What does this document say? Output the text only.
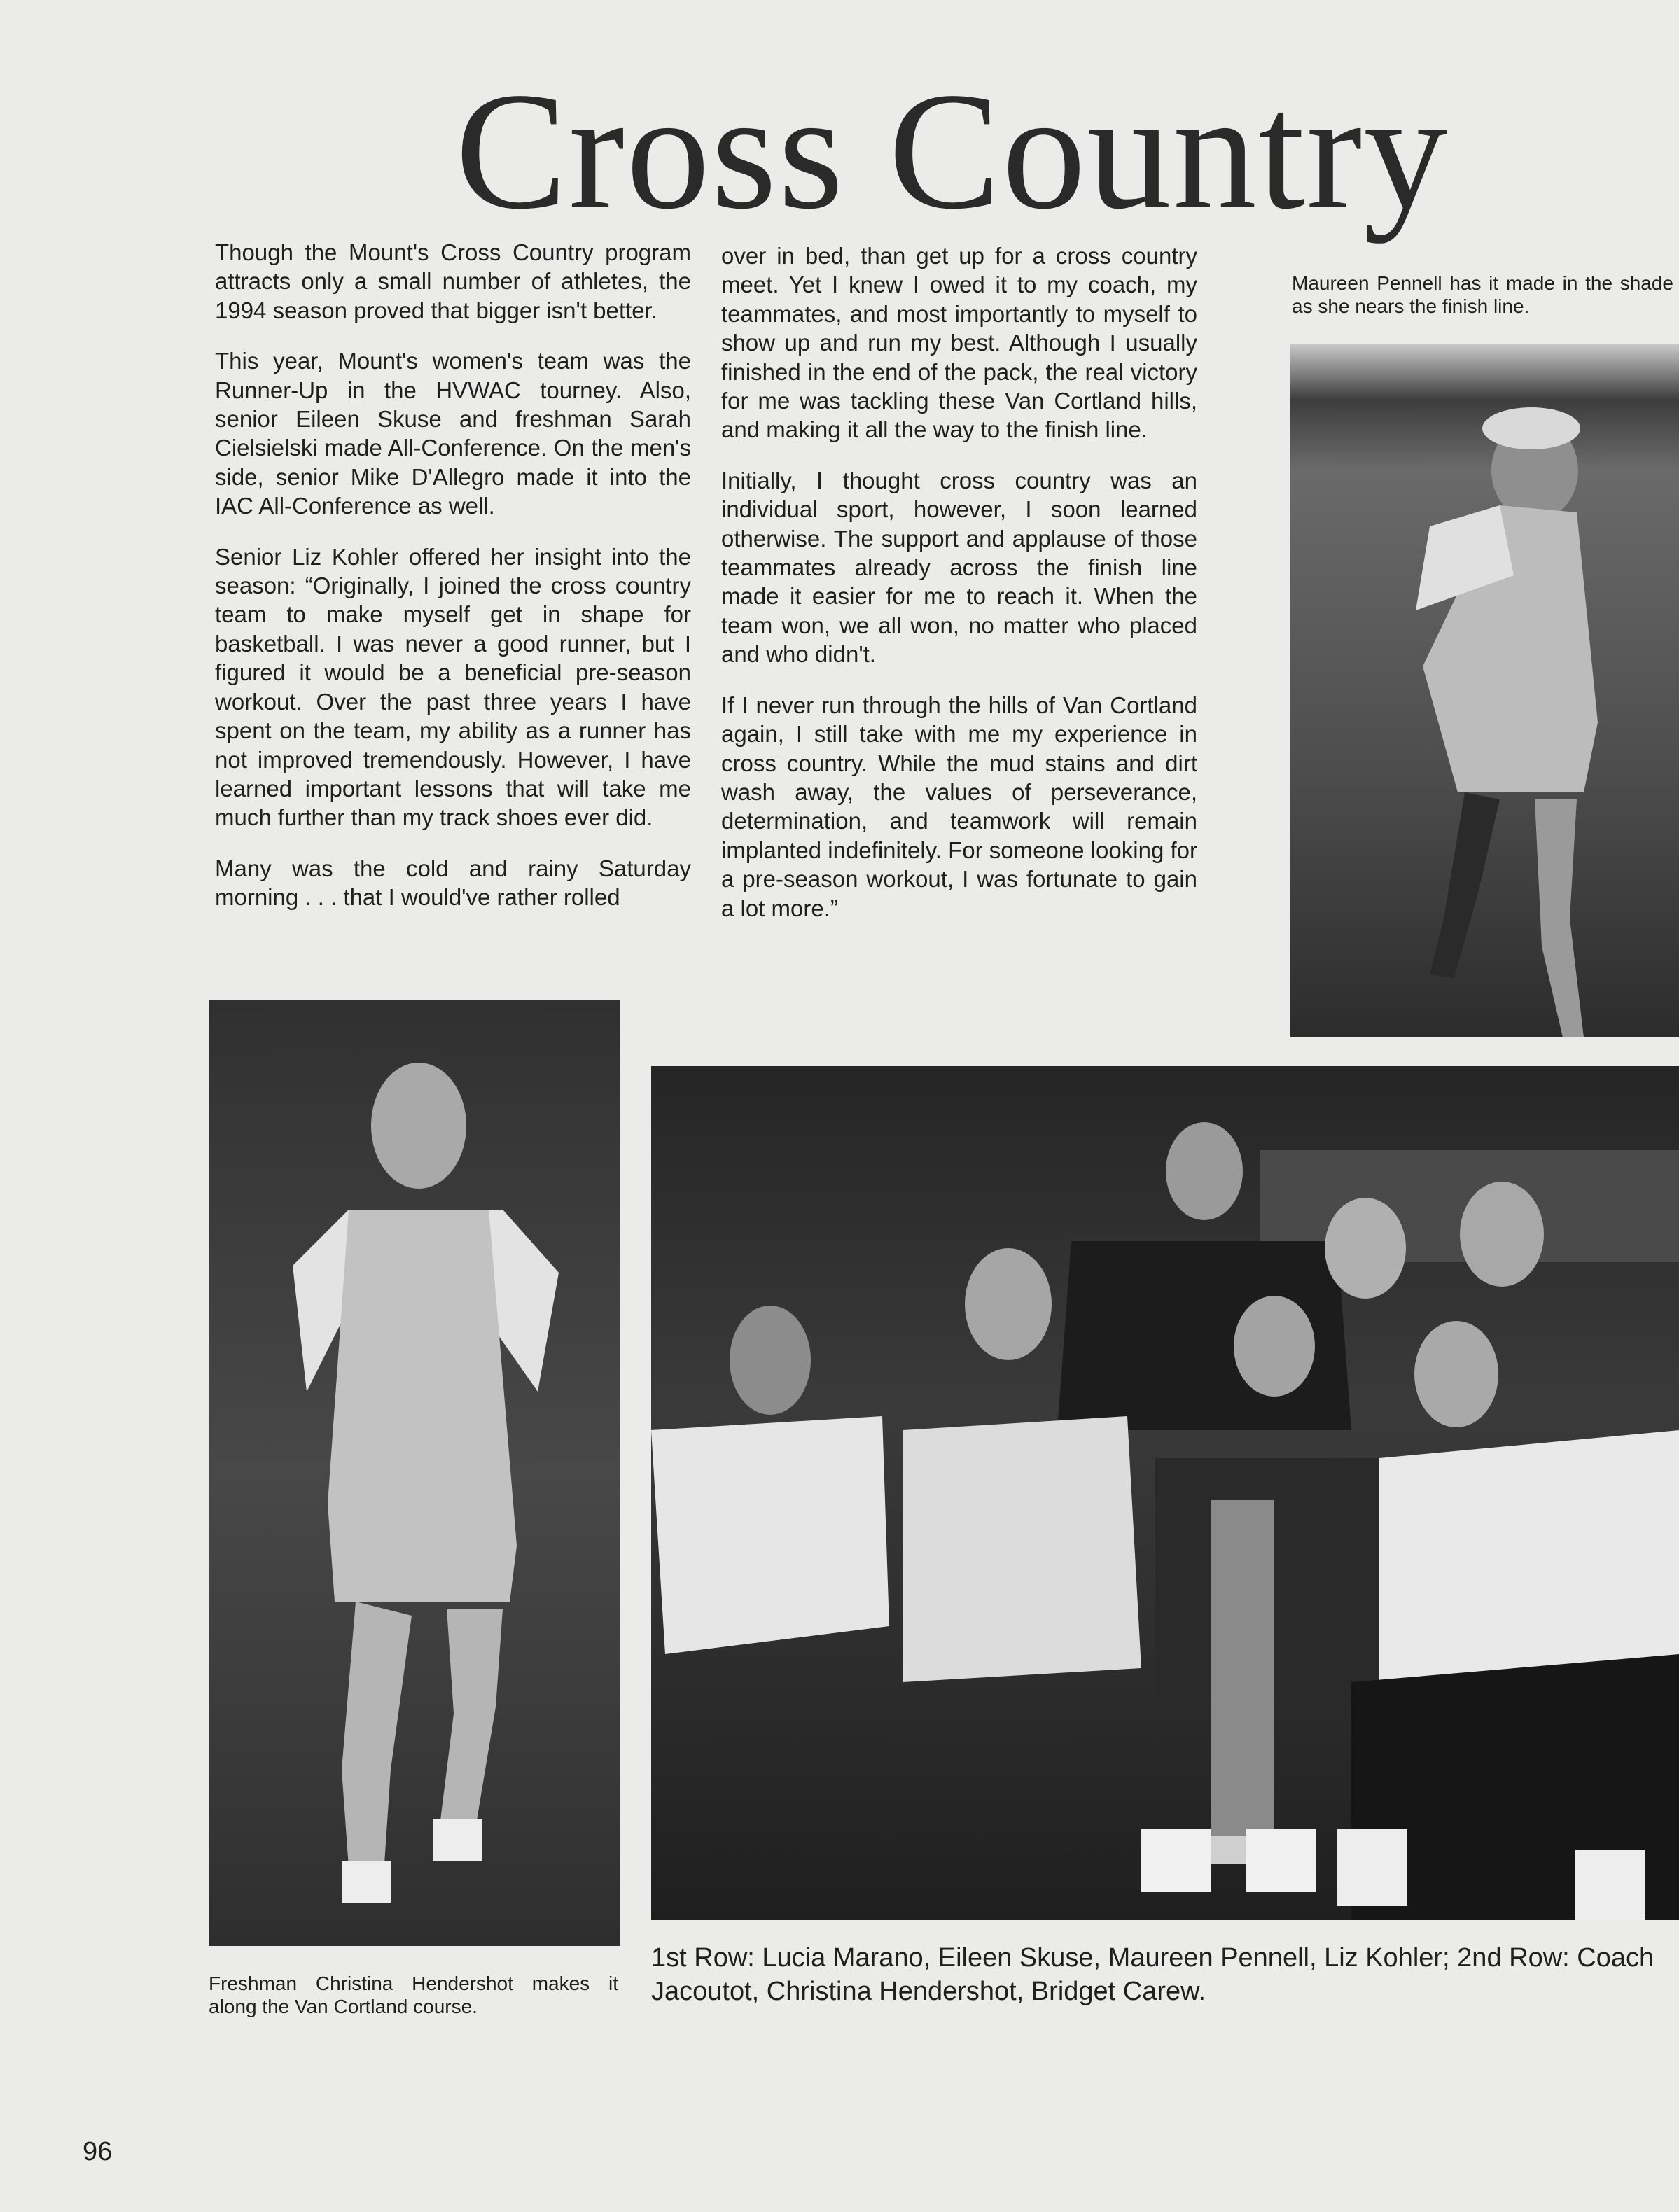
Cross Country

Though the Mount's Cross Country program attracts only a small number of athletes, the 1994 season proved that bigger isn't better.

This year, Mount's women's team was the Runner-Up in the HVWAC tourney. Also, senior Eileen Skuse and freshman Sarah Cielsielski made All-Conference. On the men's side, senior Mike D'Allegro made it into the IAC All-Conference as well.

Senior Liz Kohler offered her insight into the season: “Originally, I joined the cross country team to make myself get in shape for basketball. I was never a good runner, but I figured it would be a beneficial pre-season workout. Over the past three years I have spent on the team, my ability as a runner has not improved tremendously. However, I have learned important lessons that will take me much further than my track shoes ever did.

Many was the cold and rainy Saturday morning . . . that I would've rather rolled

over in bed, than get up for a cross country meet. Yet I knew I owed it to my coach, my teammates, and most importantly to myself to show up and run my best. Although I usually finished in the end of the pack, the real victory for me was tackling these Van Cortland hills, and making it all the way to the finish line.

Initially, I thought cross country was an individual sport, however, I soon learned otherwise. The support and applause of those teammates already across the finish line made it easier for me to reach it. When the team won, we all won, no matter who placed and who didn't.

If I never run through the hills of Van Cortland again, I still take with me my experience in cross country. While the mud stains and dirt wash away, the values of perseverance, determination, and teamwork will remain implanted indefinitely. For someone looking for a pre-season workout, I was fortunate to gain a lot more.”

Maureen Pennell has it made in the shade as she nears the finish line.
Freshman Christina Hendershot makes it along the Van Cortland course.
1st Row: Lucia Marano, Eileen Skuse, Maureen Pennell, Liz Kohler; 2nd Row: Coach
Jacoutot, Christina Hendershot, Bridget Carew.
96
